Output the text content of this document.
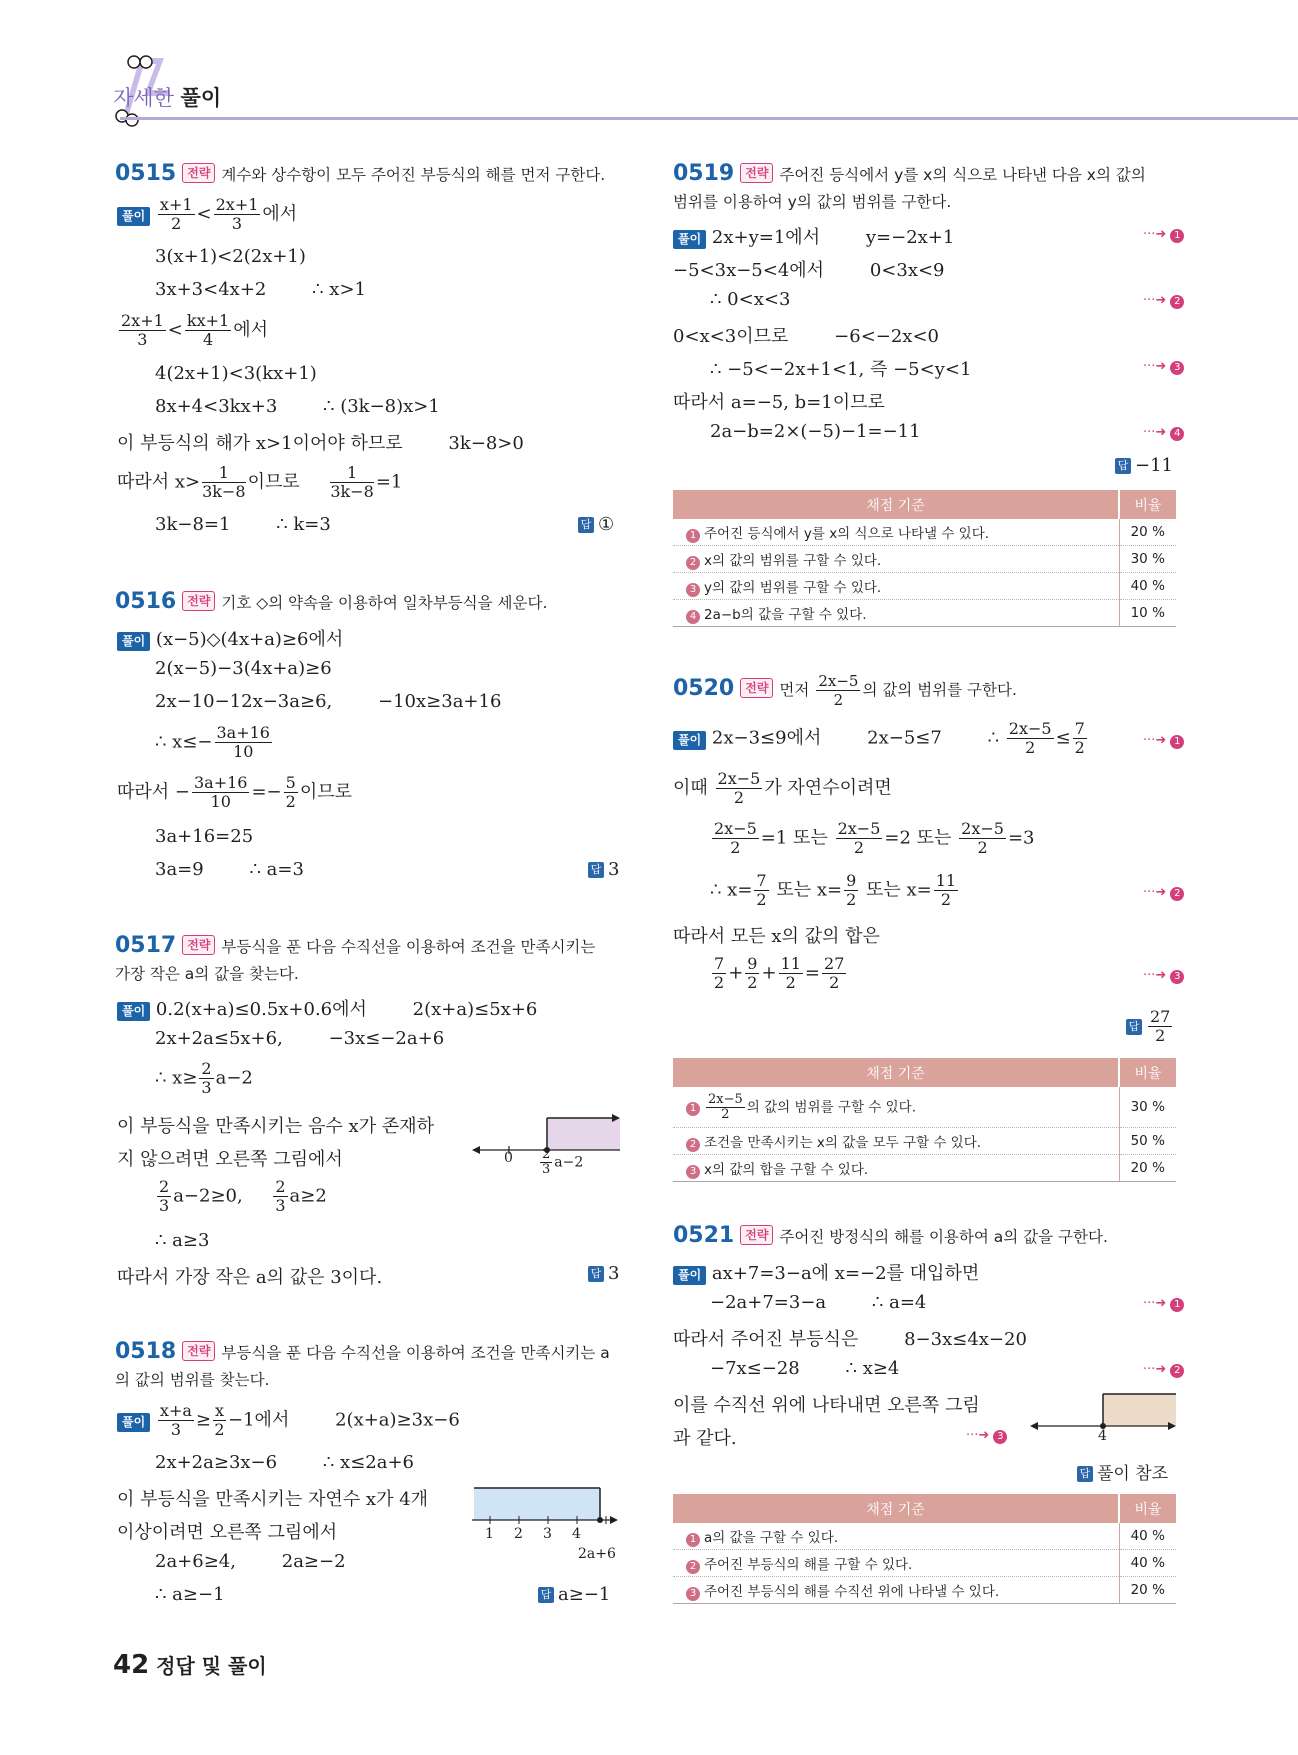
자세한 풀이
0515 전략 계수와 상수항이 모두 주어진 부등식의 해를 먼저 구한다.
풀이 $\frac{x+1}{2} < \frac{2x+1}{3}$ 에서
3(x+1)<2(2x+1)
3x+3<4x+2        ∴ x>1
$\frac{2x+1}{3} < \frac{kx+1}{4}$ 에서
4(2x+1)<3(kx+1)
8x+4<3kx+3        ∴ (3k−8)x>1
이 부등식의 해가 x>1이어야 하므로        3k−8>0
따라서 $x> \frac{1}{3k-8}$ 이므로 $\frac{1}{3k-8} =1$
3k−8=1        ∴ k=3	답 ①
0516 전략 기호 ◇의 약속을 이용하여 일차부등식을 세운다.
풀이 (x−5)◇(4x+a)≥6에서
2(x−5)−3(4x+a)≥6
2x−10−12x−3a≥6,        −10x≥3a+16
∴ $x\le- \frac{3a+16}{10}$
따라서 − $\frac{3a+16}{10} =- \frac{5}{2}$ 이므로
3a+16=25
3a=9        ∴ a=3	답 3
0517 전략 부등식을 푼 다음 수직선을 이용하여 조건을 만족시키는
가장 작은 a의 값을 찾는다.
풀이 0.2(x+a)≤0.5x+0.6에서        2(x+a)≤5x+6
2x+2a≤5x+6,        −3x≤−2a+6
∴ $x\ge \frac{2}{3} a-2$
이 부등식을 만족시키는 음수 x가 존재하
지 않으려면 오른쪽 그림에서
$\frac{2}{3} a-2\ge 0$, $\frac{2}{3} a\ge 2$
∴ a≥3
따라서 가장 작은 a의 값은 3이다.	답 3
$0 \frac{2}{3} a-2$
0518 전략 부등식을 푼 다음 수직선을 이용하여 조건을 만족시키는 a
의 값의 범위를 찾는다.
풀이 $\frac{x+a}{3} \ge \frac{x}{2} -1$에서        2(x+a)≥3x−6
2x+2a≥3x−6        ∴ x≤2a+6
이 부등식을 만족시키는 자연수 x가 4개
이상이려면 오른쪽 그림에서
2a+6≥4,        2a≥−2
∴ a≥−1	답 a≥−1
1 2 3 4
2a+6
42 정답 및 풀이
0519 전략 주어진 등식에서 y를 x의 식으로 나타낸 다음 x의 값의
범위를 이용하여 y의 값의 범위를 구한다.
풀이 2x+y=1에서        y=−2x+1
−5<3x−5<4에서        0<3x<9
∴ 0<x<3
0<x<3이므로        −6<−2x<0
∴ −5<−2x+1<1, 즉 −5<y<1
따라서 a=−5, b=1이므로
2a−b=2×(−5)−1=−11
···➜ 1
···➜ 2
···➜ 3
···➜ 4
답 −11
채점 기준	비율
1 주어진 등식에서 y를 x의 식으로 나타낼 수 있다.	20 %
2 x의 값의 범위를 구할 수 있다.	30 %
3 y의 값의 범위를 구할 수 있다.	40 %
4 2a−b의 값을 구할 수 있다.	10 %
0520 전략 먼저 $\frac{2x-5}{2}$ 의 값의 범위를 구한다.
풀이 2x−3≤9에서        2x−5≤7        ∴ $\frac{2x-5}{2} \le \frac{7}{2}$	···➜ 1
이때 $\frac{2x-5}{2}$ 가 자연수이려면
$\frac{2x-5}{2} =1$ 또는 $\frac{2x-5}{2} =2$ 또는 $\frac{2x-5}{2} =3$
∴ $x= \frac{7}{2}$ 또는 $x= \frac{9}{2}$ 또는 $x= \frac{11}{2}$	···➜ 2
따라서 모든 x의 값의 합은
$\frac{7}{2} + \frac{9}{2} + \frac{11}{2} = \frac{27}{2}$	···➜ 3
답 $\frac{27}{2}$
채점 기준	비율
$1 \frac{2x-5}{2}$ 의 값의 범위를 구할 수 있다.	30 %
2 조건을 만족시키는 x의 값을 모두 구할 수 있다.	50 %
3 x의 값의 합을 구할 수 있다.	20 %
0521 전략 주어진 방정식의 해를 이용하여 a의 값을 구한다.
풀이 ax+7=3−a에 x=−2를 대입하면
−2a+7=3−a        ∴ a=4	···➜ 1
따라서 주어진 부등식은        8−3x≤4x−20
−7x≤−28        ∴ x≥4	···➜ 2
이를 수직선 위에 나타내면 오른쪽 그림
과 같다.	···➜ 3	4
답 풀이 참조
채점 기준	비율
1 a의 값을 구할 수 있다.	40 %
2 주어진 부등식의 해를 구할 수 있다.	40 %
3 주어진 부등식의 해를 수직선 위에 나타낼 수 있다.	20 %
